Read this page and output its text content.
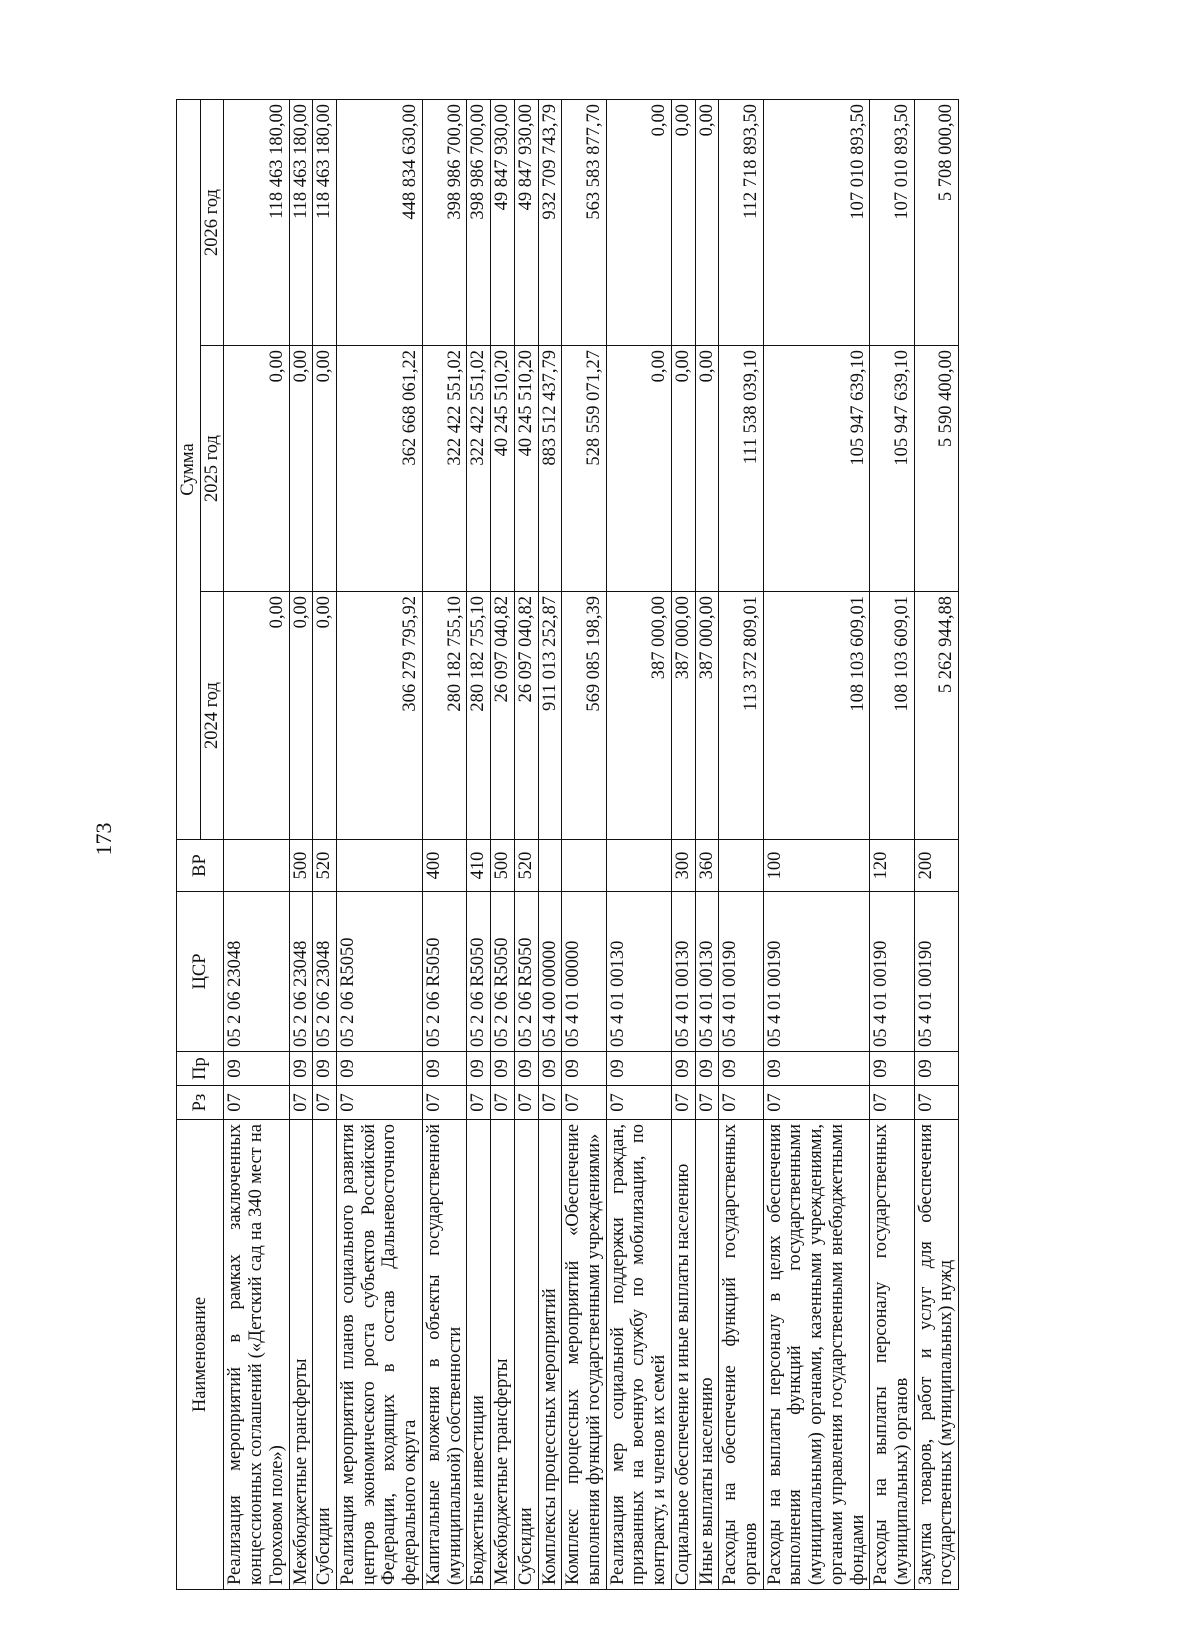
173
Наименование	Рз	Пр	ЦСР	ВР	Сумма		
					2024 год	2025 год	2026 год
Реализация мероприятий в рамках заключенных концессионных соглашений («Детский сад на 340 мест на Гороховом поле»)	07	09	05 2 06 23048		0,00	0,00	118 463 180,00
Межбюджетные трансферты	07	09	05 2 06 23048	500	0,00	0,00	118 463 180,00
Субсидии	07	09	05 2 06 23048	520	0,00	0,00	118 463 180,00
Реализация мероприятий планов социального развития центров экономического роста субъектов Российской Федерации, входящих в состав Дальневосточного федерального округа	07	09	05 2 06 R5050		306 279 795,92	362 668 061,22	448 834 630,00
Капитальные вложения в объекты государственной (муниципальной) собственности	07	09	05 2 06 R5050	400	280 182 755,10	322 422 551,02	398 986 700,00
Бюджетные инвестиции	07	09	05 2 06 R5050	410	280 182 755,10	322 422 551,02	398 986 700,00
Межбюджетные трансферты	07	09	05 2 06 R5050	500	26 097 040,82	40 245 510,20	49 847 930,00
Субсидии	07	09	05 2 06 R5050	520	26 097 040,82	40 245 510,20	49 847 930,00
Комплексы процессных мероприятий	07	09	05 4 00 00000		911 013 252,87	883 512 437,79	932 709 743,79
Комплекс процессных мероприятий «Обеспечение выполнения функций государственными учреждениями»	07	09	05 4 01 00000		569 085 198,39	528 559 071,27	563 583 877,70
Реализация мер социальной поддержки граждан, призванных на военную службу по мобилизации, по контракту, и членов их семей	07	09	05 4 01 00130		387 000,00	0,00	0,00
Социальное обеспечение и иные выплаты населению	07	09	05 4 01 00130	300	387 000,00	0,00	0,00
Иные выплаты населению	07	09	05 4 01 00130	360	387 000,00	0,00	0,00
Расходы на обеспечение функций государственных органов	07	09	05 4 01 00190		113 372 809,01	111 538 039,10	112 718 893,50
Расходы на выплаты персоналу в целях обеспечения выполнения функций государственными (муниципальными) органами, казенными учреждениями, органами управления государственными внебюджетными фондами	07	09	05 4 01 00190	100	108 103 609,01	105 947 639,10	107 010 893,50
Расходы на выплаты персоналу государственных (муниципальных) органов	07	09	05 4 01 00190	120	108 103 609,01	105 947 639,10	107 010 893,50
Закупка товаров, работ и услуг для обеспечения государственных (муниципальных) нужд	07	09	05 4 01 00190	200	5 262 944,88	5 590 400,00	5 708 000,00
